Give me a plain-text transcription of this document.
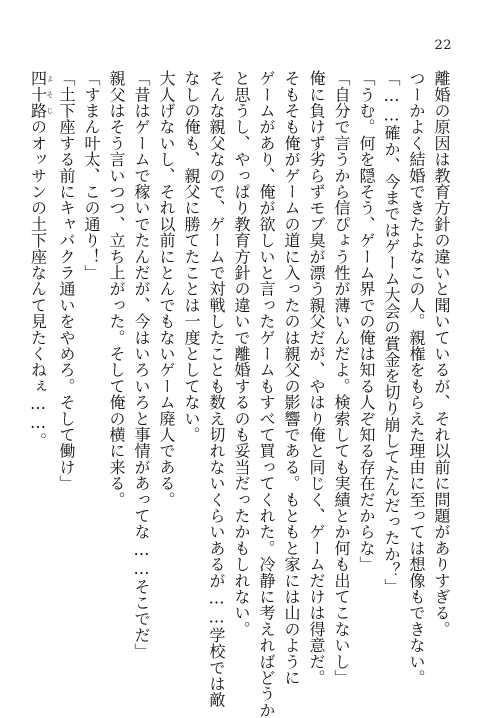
22
離婚の原因は教育方針の違いと聞いているが、それ以前に問題がありすぎる。
つーかよく結婚できたよなこの人。親権をもらえた理由に至っては想像もできない。
「……確か、今まではゲーム大会の賞金を切り崩してたんだったか？」
「うむ。何を隠そう、ゲーム界での俺は知る人ぞ知る存在だからな」
「自分で言うから信ぴょう性が薄いんだよ。検索しても実績とか何も出てこないし」
俺に負けず劣らずモブ臭が漂う親父だが、やはり俺と同じく、ゲームだけは得意だ。
そもそも俺がゲームの道に入ったのは親父の影響である。もともと家には山のように
ゲームがあり、俺が欲しいと言ったゲームもすべて買ってくれた。冷静に考えればどうか
と思うし、やっぱり教育方針の違いで離婚するのも妥当だったかもしれない。
そんな親父なので、ゲームで対戦したことも数え切れないくらいあるが……学校では敵
なしの俺も、親父に勝てたことは一度としてない。
大人げないし、それ以前にとんでもないゲーム廃人である。
「昔はゲームで稼いでたんだが、今はいろいろと事情があってな……そこでだ」
親父はそう言いつつ、立ち上がった。そして俺の横に来る。
「すまん叶太、この通り！」
「土下座する前にキャバクラ通いをやめろ。そして働け」
四十路よそじのオッサンの土下座なんて見たくねぇ……。
